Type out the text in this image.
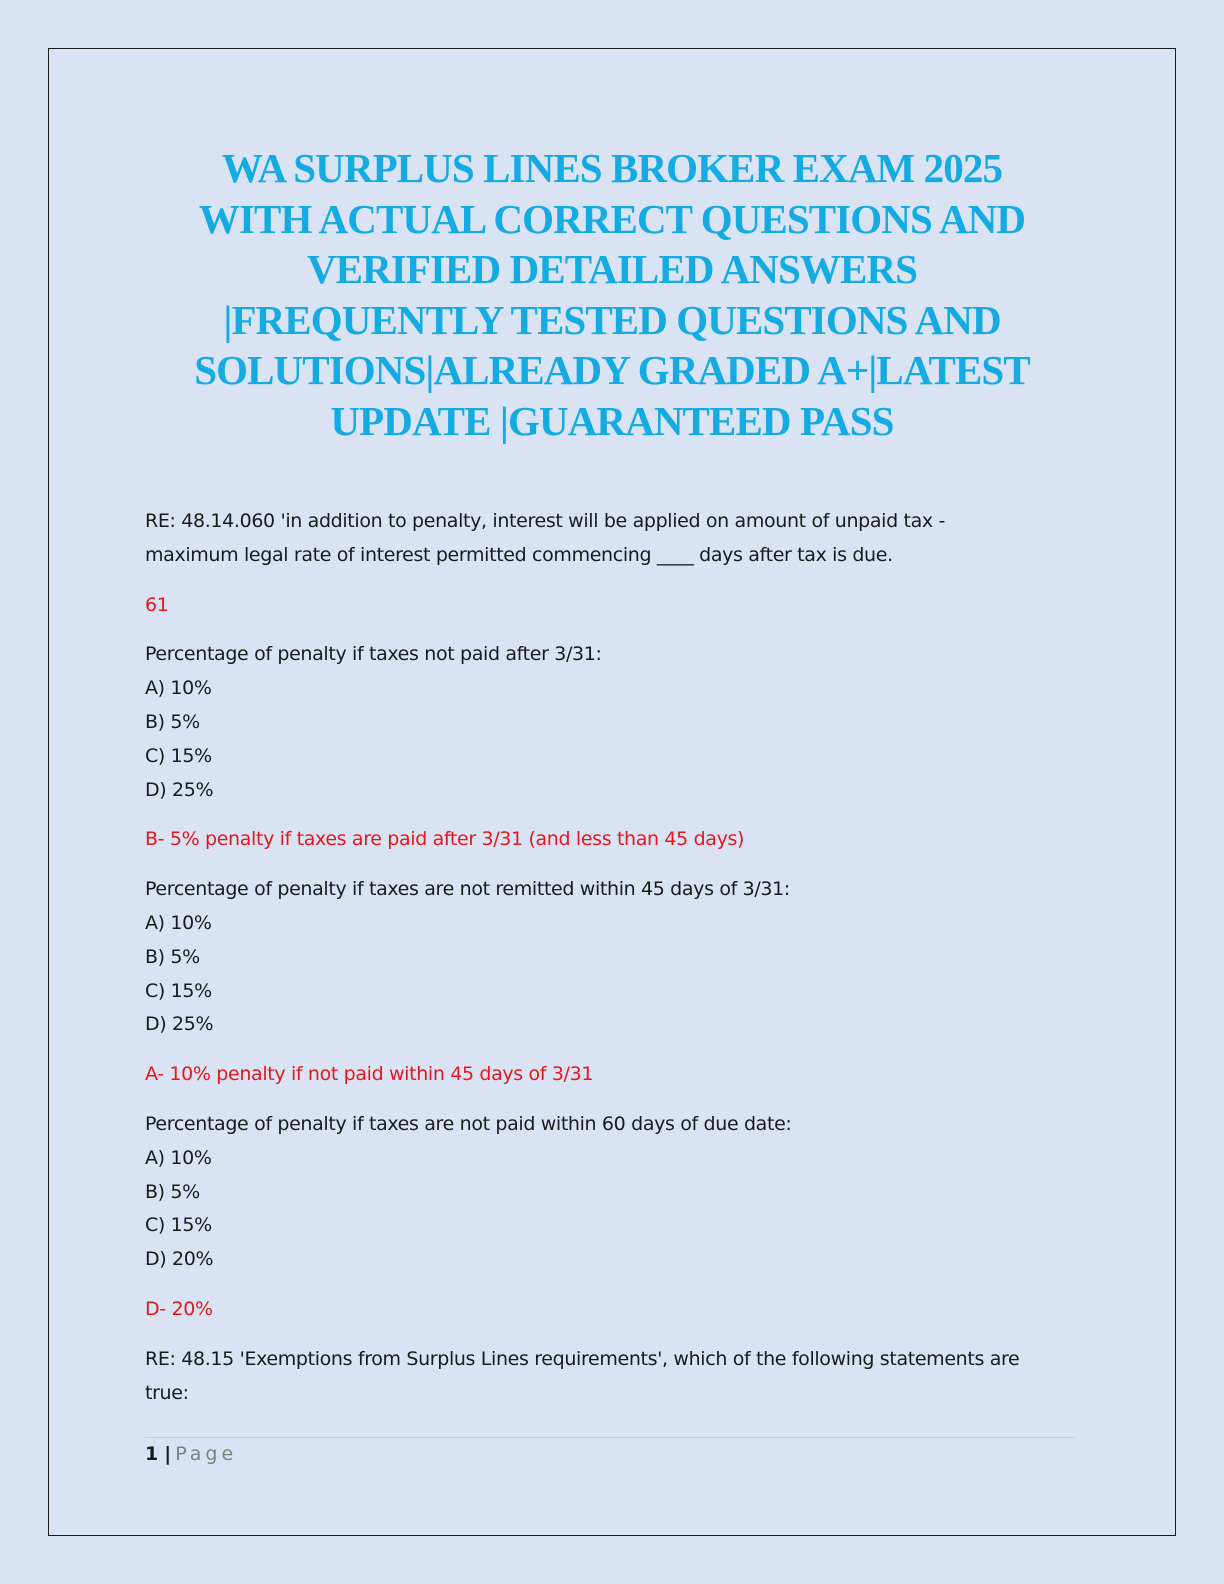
WA SURPLUS LINES BROKER EXAM 2025
WITH ACTUAL CORRECT QUESTIONS AND
VERIFIED DETAILED ANSWERS
|FREQUENTLY TESTED QUESTIONS AND
SOLUTIONS|ALREADY GRADED A+|LATEST
UPDATE |GUARANTEED PASS
RE: 48.14.060 'in addition to penalty, interest will be applied on amount of unpaid tax -
maximum legal rate of interest permitted commencing ____ days after tax is due.
61
Percentage of penalty if taxes not paid after 3/31:
A) 10%
B) 5%
C) 15%
D) 25%
B- 5% penalty if taxes are paid after 3/31 (and less than 45 days)
Percentage of penalty if taxes are not remitted within 45 days of 3/31:
A) 10%
B) 5%
C) 15%
D) 25%
A- 10% penalty if not paid within 45 days of 3/31
Percentage of penalty if taxes are not paid within 60 days of due date:
A) 10%
B) 5%
C) 15%
D) 20%
D- 20%
RE: 48.15 'Exemptions from Surplus Lines requirements', which of the following statements are
true:
1 | Page
